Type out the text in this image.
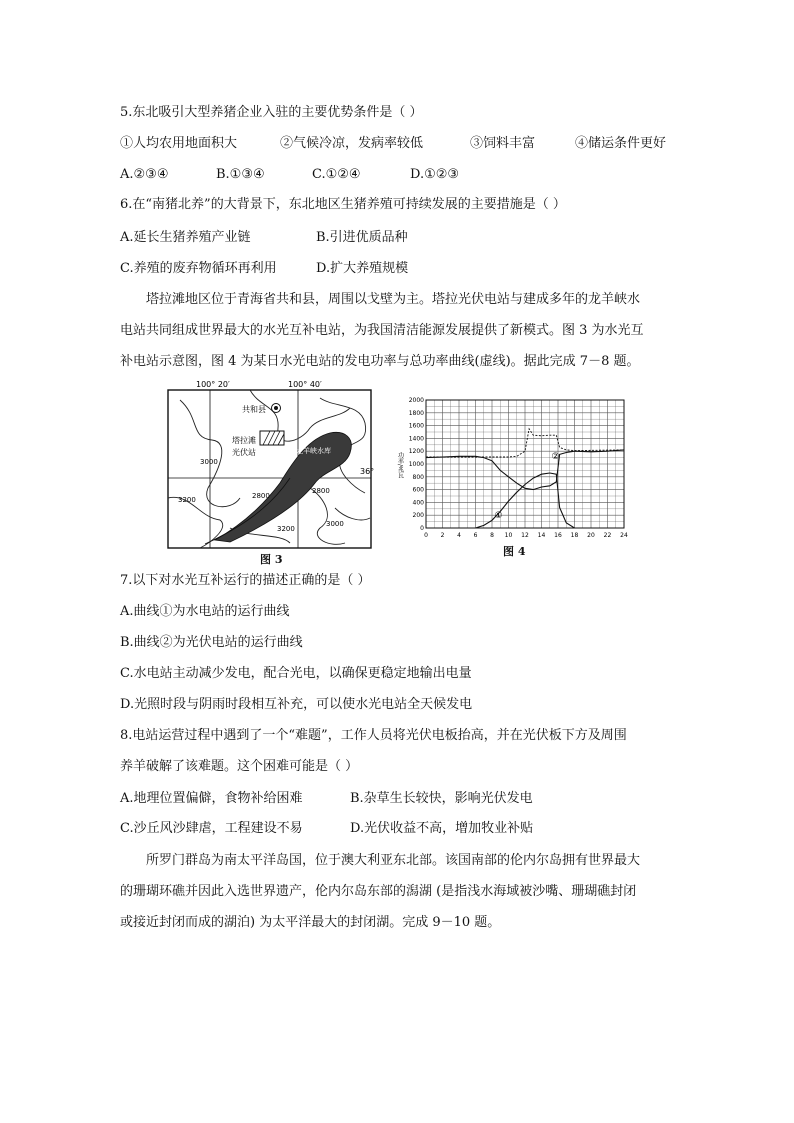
5.东北吸引大型养猪企业入驻的主要优势条件是（ ）
①人均农用地面积大	②气候冷凉，发病率较低	③饲料丰富	④储运条件更好
A.②③④	B.①③④	C.①②④	D.①②③
6.在“南猪北养”的大背景下，东北地区生猪养殖可持续发展的主要措施是（ ）
A.延长生猪养殖产业链	B.引进优质品种
C.养殖的废弃物循环再利用	D.扩大养殖规模
塔拉滩地区位于青海省共和县，周围以戈壁为主。塔拉光伏电站与建成多年的龙羊峡水
电站共同组成世界最大的水光互补电站，为我国清洁能源发展提供了新模式。图 3 为水光互
补电站示意图，图 4 为某日水光电站的发电功率与总功率曲线(虚线)。据此完成 7－8 题。
100° 20′	100° 40′
36°
龙羊峡水库
共和县
塔拉滩
光伏站
3000
3200
2800
2800
3000
3200
图 3
功率/兆瓦
0 2 4 6 8 10 12 14 16 18 20 22 24
0
200
400
600
800
1000
1200
1400
1600
1800
2000
①
②
图 4
7.以下对水光互补运行的描述正确的是（ ）
A.曲线①为水电站的运行曲线
B.曲线②为光伏电站的运行曲线
C.水电站主动减少发电，配合光电，以确保更稳定地输出电量
D.光照时段与阴雨时段相互补充，可以使水光电站全天候发电
8.电站运营过程中遇到了一个“难题”，工作人员将光伏电板抬高，并在光伏板下方及周围
养羊破解了该难题。这个困难可能是（ ）
A.地理位置偏僻，食物补给困难	B.杂草生长较快，影响光伏发电
C.沙丘风沙肆虐，工程建设不易	D.光伏收益不高，增加牧业补贴
所罗门群岛为南太平洋岛国，位于澳大利亚东北部。该国南部的伦内尔岛拥有世界最大
的珊瑚环礁并因此入选世界遗产，伦内尔岛东部的潟湖 (是指浅水海域被沙嘴、珊瑚礁封闭
或接近封闭而成的湖泊) 为太平洋最大的封闭湖。完成 9－10 题。
